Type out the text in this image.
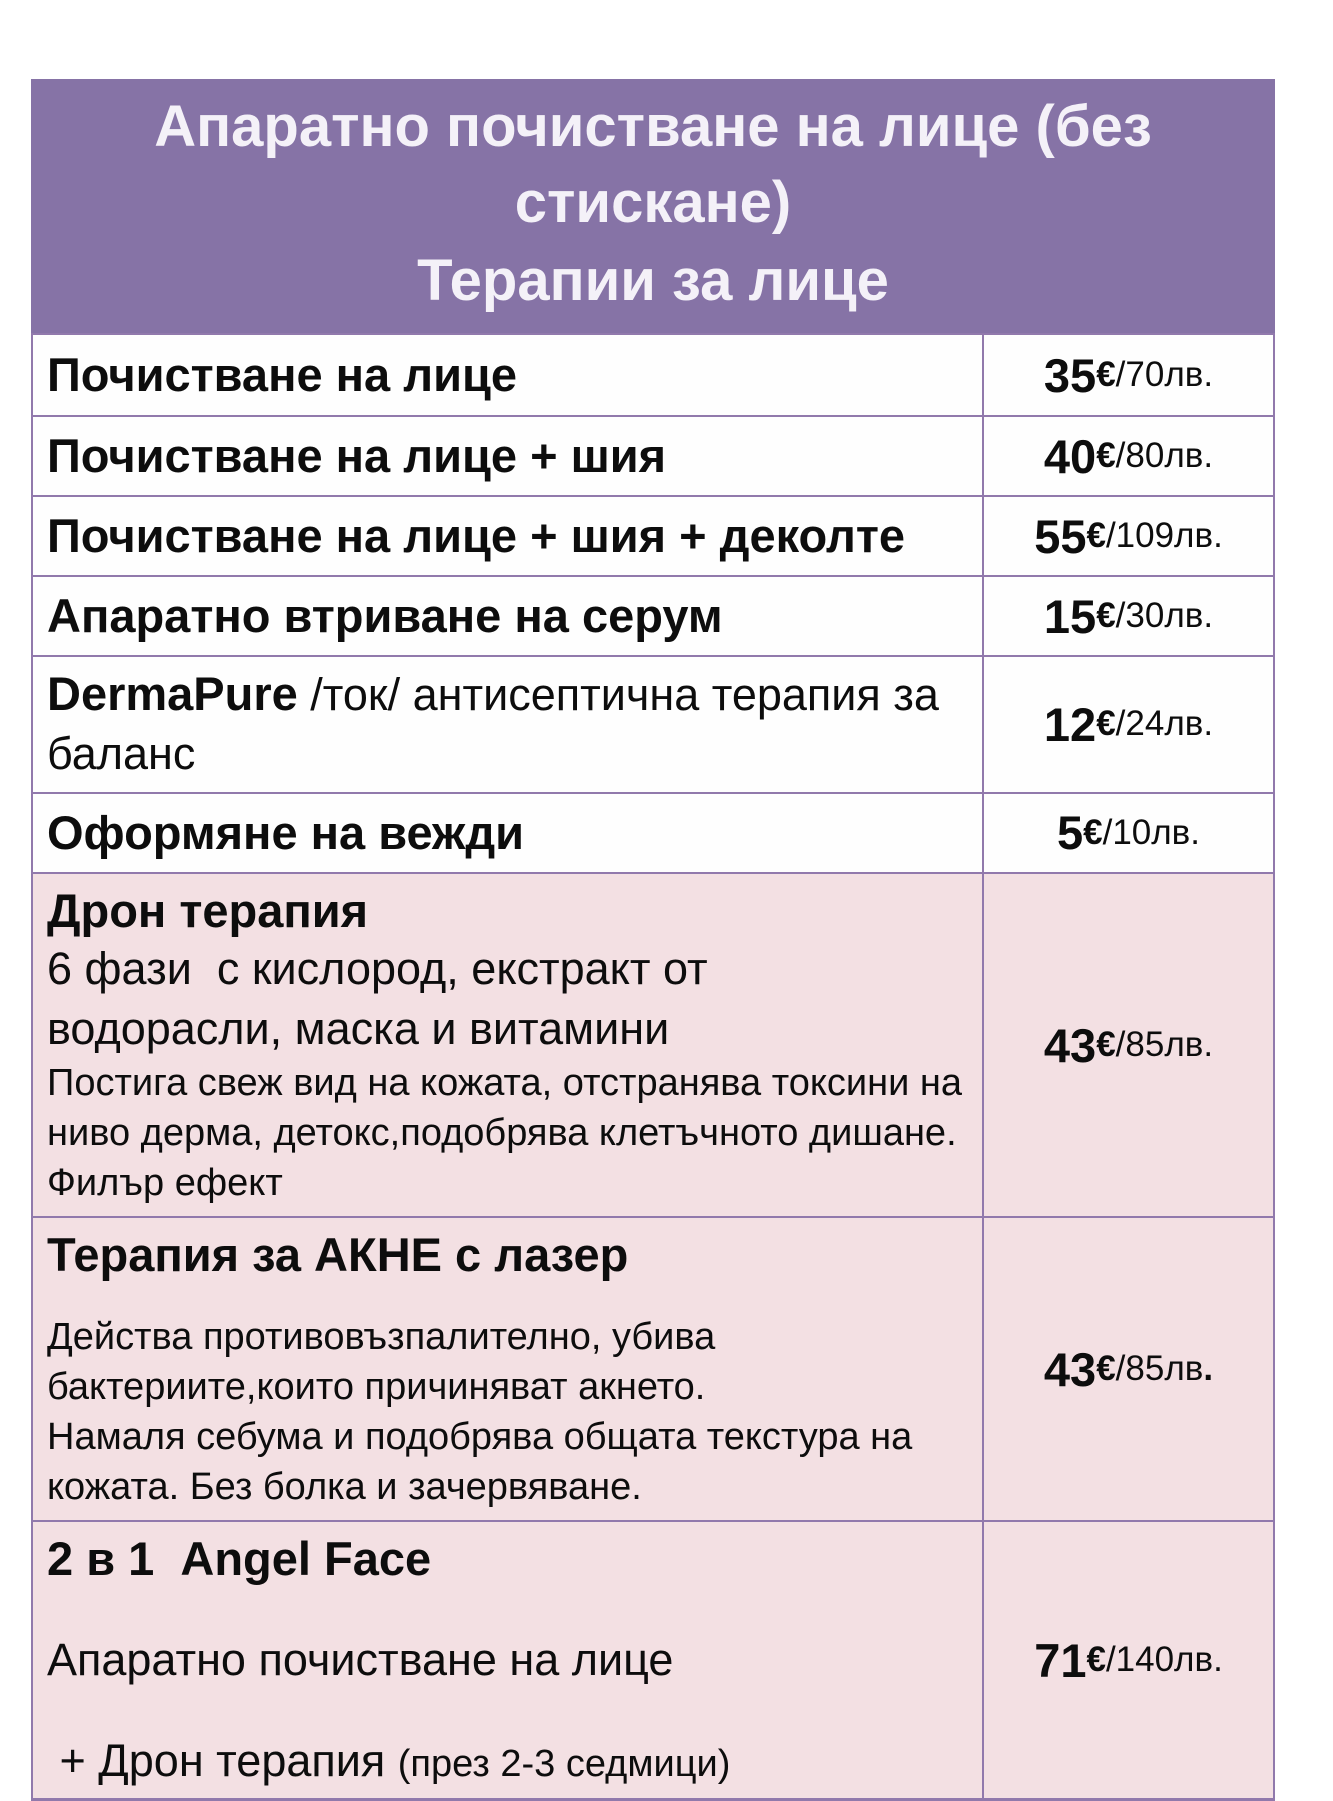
Апаратно почистване на лице (без стискане)
Терапии за лице
Почистване на лице	35 € /70лв.
Почистване на лице + шия	40 € /80лв.
Почистване на лице + шия + деколте	55 € /109лв.
Апаратно втриване на серум	15 € /30лв.
DermaPure /ток/ антисептична терапия за баланс
12 € /24лв.
Оформяне на вежди	5 € /10лв.
Дрон терапия
6 фази  с кислород, екстракт от водорасли, маска и витамини
Постига свеж вид на кожата, отстранява токсини на ниво дерма, детокс,подобрява клетъчното дишане.
Филър ефект
43 € /85лв.
Терапия за АКНЕ с лазер
Действа противовъзпалително, убива бактериите,които причиняват акнето.
Намаля себума и подобрява общата текстура на кожата. Без болка и зачервяване.
43 € /85лв .
2 в 1  Angel Face
Апаратно почистване на лице
+ Дрон терапия (през 2-3 седмици)
71 € /140лв.
